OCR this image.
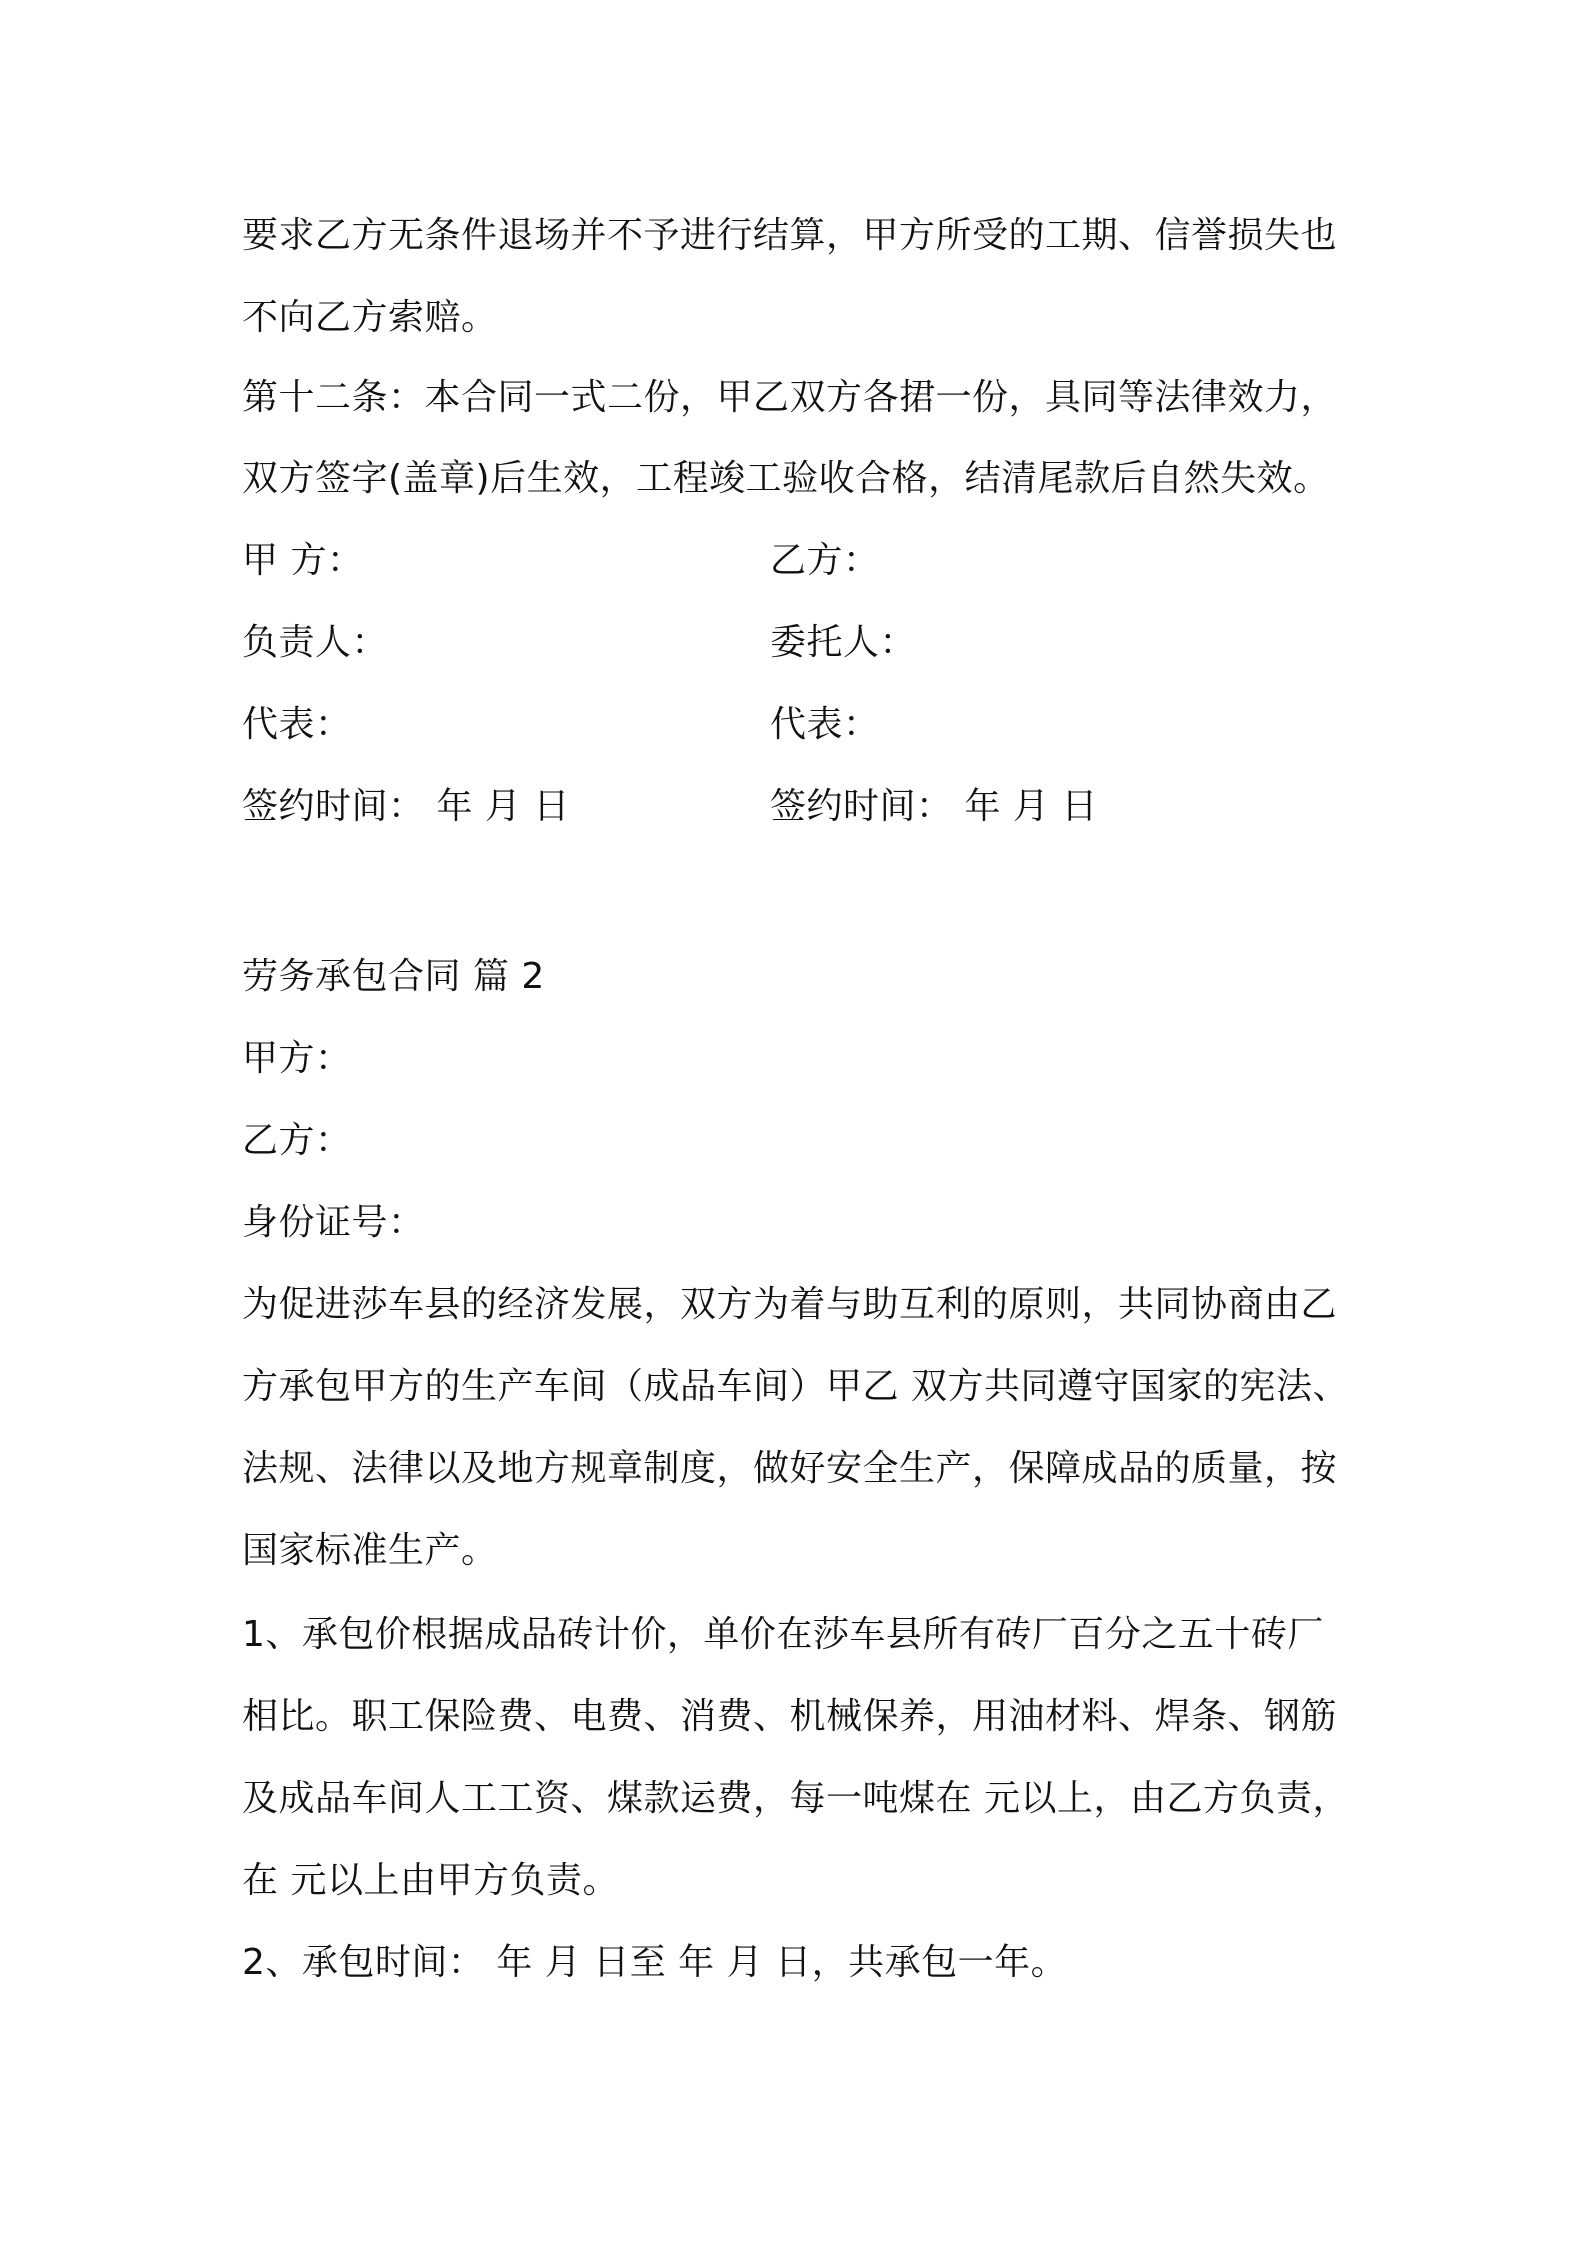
要求乙方无条件退场并不予进行结算，甲方所受的工期、信誉损失也
不向乙方索赔。
第十二条：本合同一式二份，甲乙双方各捃一份，具同等法律效力，
双方签字(盖章)后生效，工程竣工验收合格，结清尾款后自然失效。
甲 方：	乙方：
负责人：	委托人：
代表：	代表：
签约时间： 年 月 日	签约时间： 年 月 日
劳务承包合同 篇 2
甲方：
乙方：
身份证号：
为促进莎车县的经济发展，双方为着与助互利的原则，共同协商由乙
方承包甲方的生产车间（成品车间）甲乙 双方共同遵守国家的宪法、
法规、法律以及地方规章制度，做好安全生产，保障成品的质量，按
国家标准生产。
1、承包价根据成品砖计价，单价在莎车县所有砖厂百分之五十砖厂
相比。职工保险费、电费、消费、机械保养，用油材料、焊条、钢筋
及成品车间人工工资、煤款运费，每一吨煤在 元以上，由乙方负责，
在 元以上由甲方负责。
2、承包时间： 年 月 日至 年 月 日，共承包一年。
